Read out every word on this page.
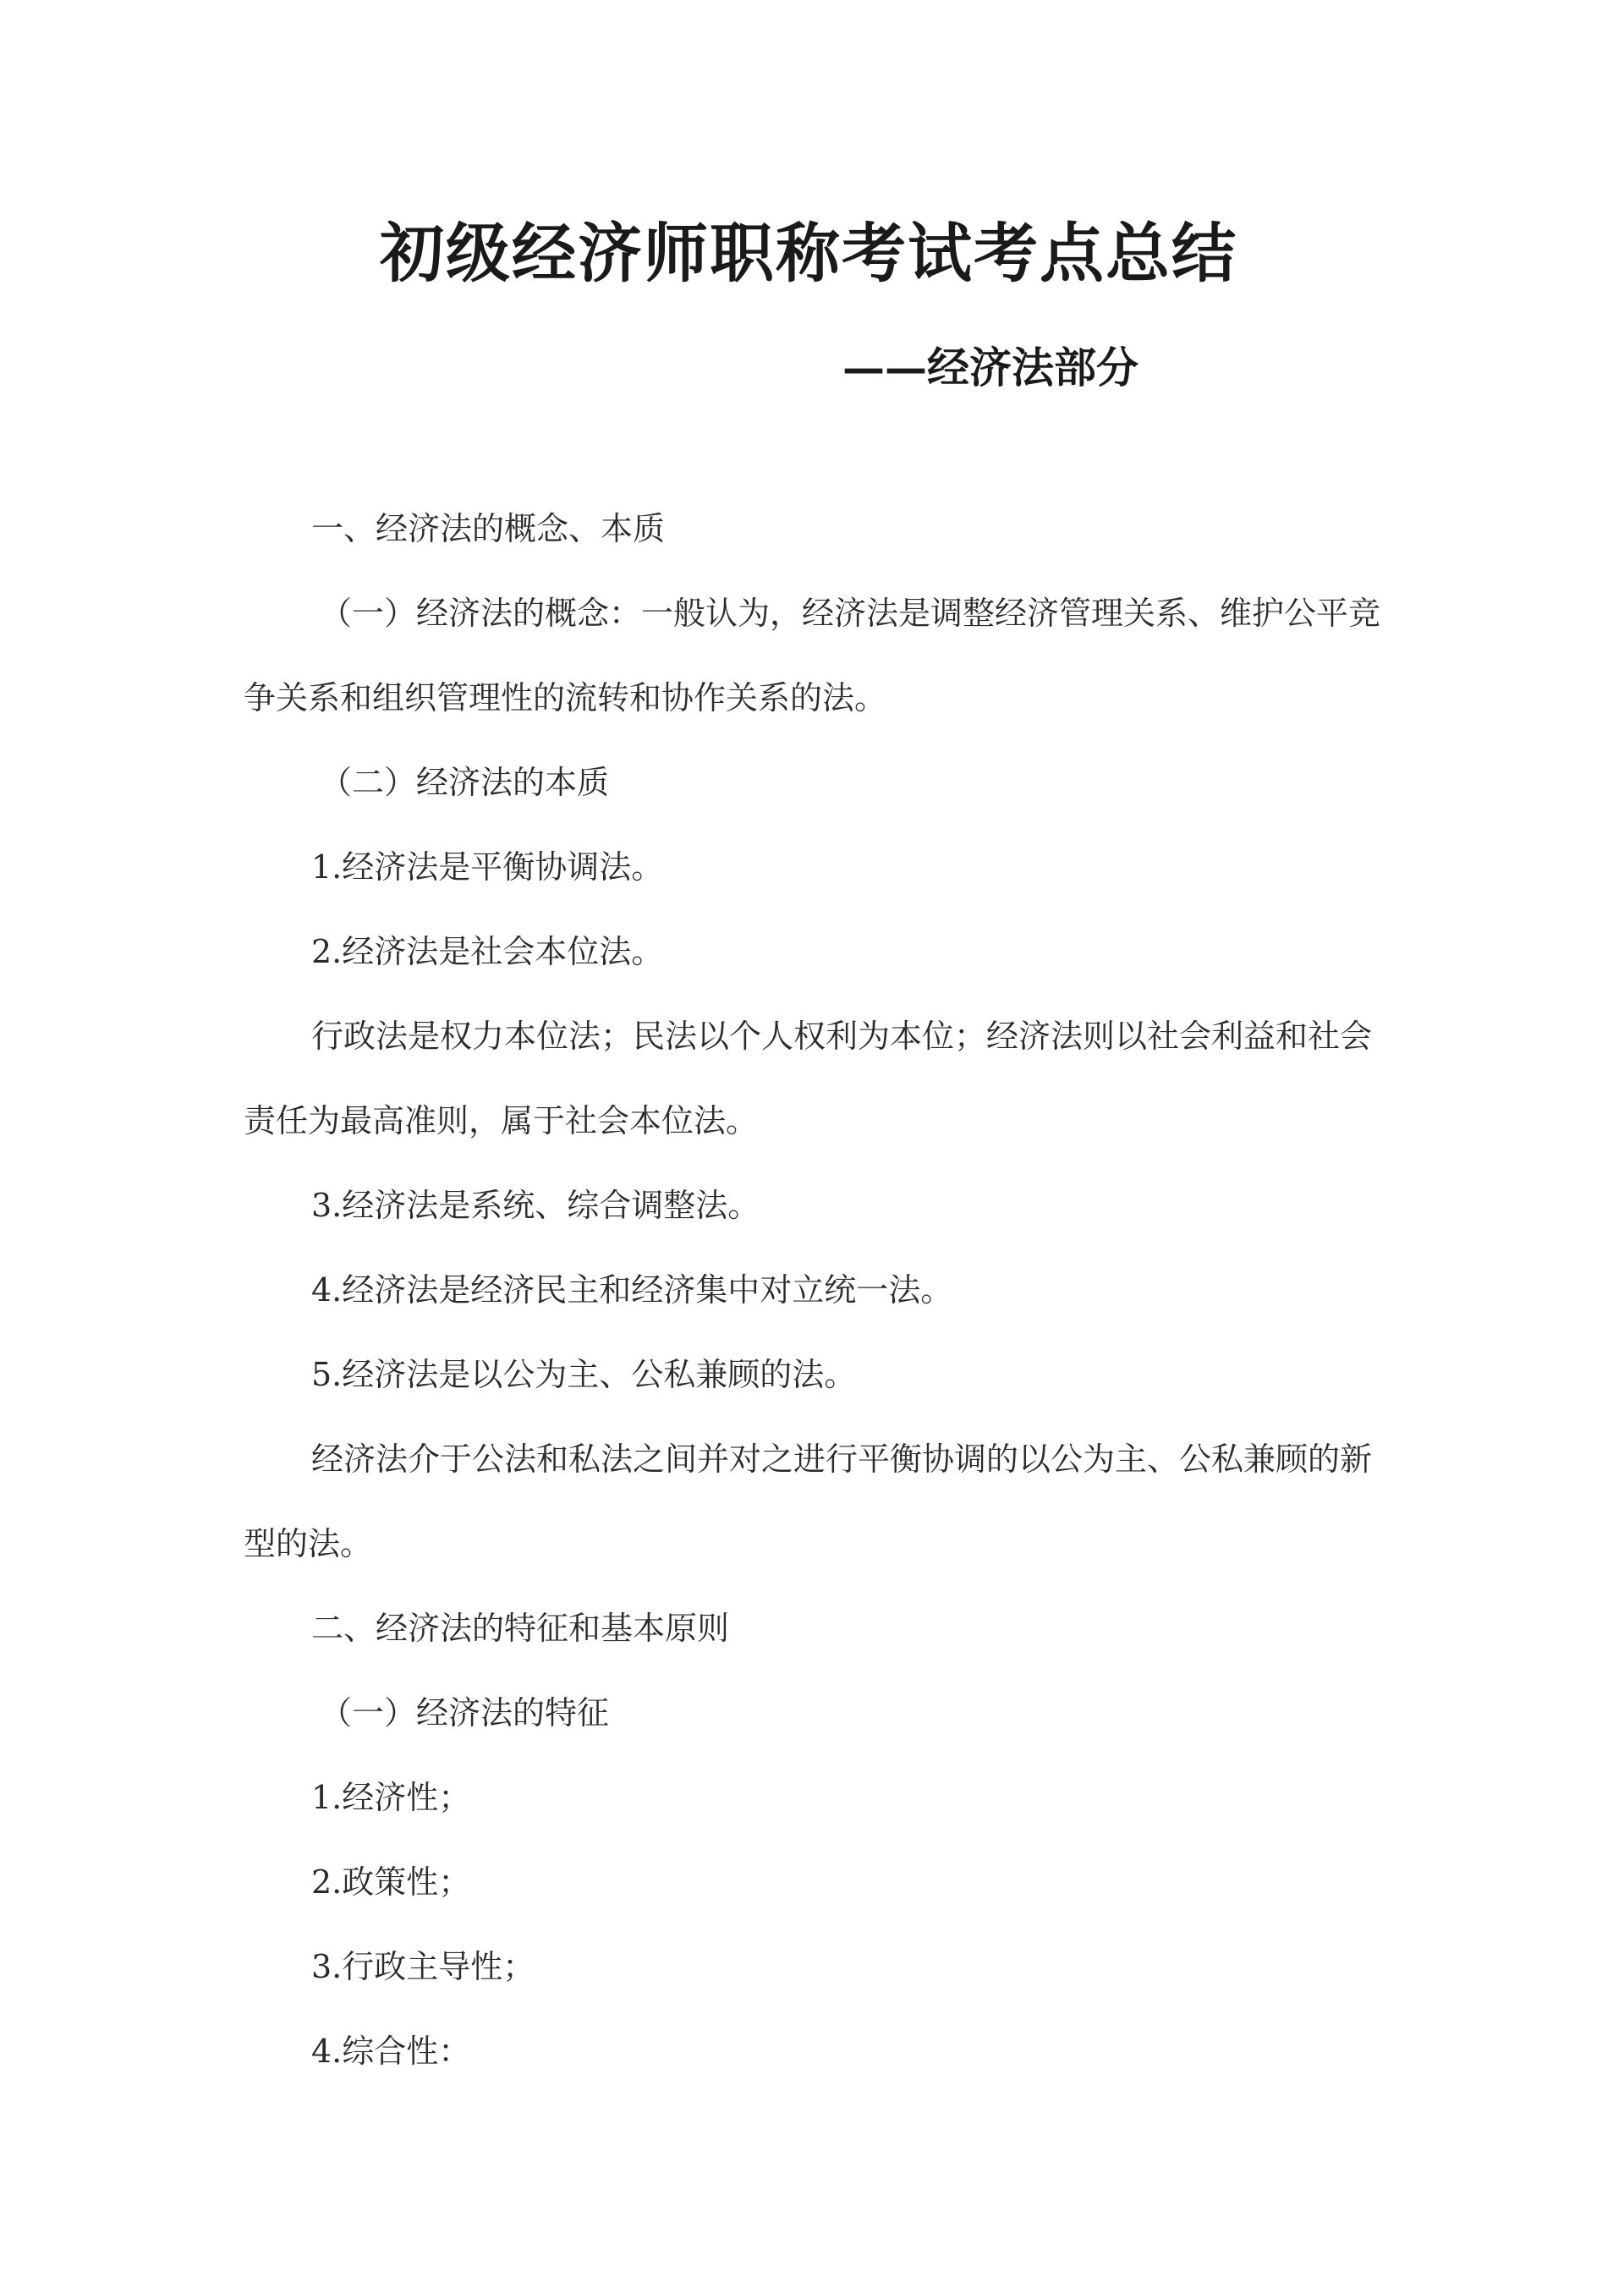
初级经济师职称考试考点总结
——经济法部分
一、经济法的概念、本质
（一）经济法的概念：一般认为，经济法是调整经济管理关系、维护公平竞
争关系和组织管理性的流转和协作关系的法。
（二）经济法的本质
1.经济法是平衡协调法。
2.经济法是社会本位法。
行政法是权力本位法；民法以个人权利为本位；经济法则以社会利益和社会
责任为最高准则，属于社会本位法。
3.经济法是系统、综合调整法。
4.经济法是经济民主和经济集中对立统一法。
5.经济法是以公为主、公私兼顾的法。
经济法介于公法和私法之间并对之进行平衡协调的以公为主、公私兼顾的新
型的法。
二、经济法的特征和基本原则
（一）经济法的特征
1.经济性；
2.政策性；
3.行政主导性；
4.综合性：
